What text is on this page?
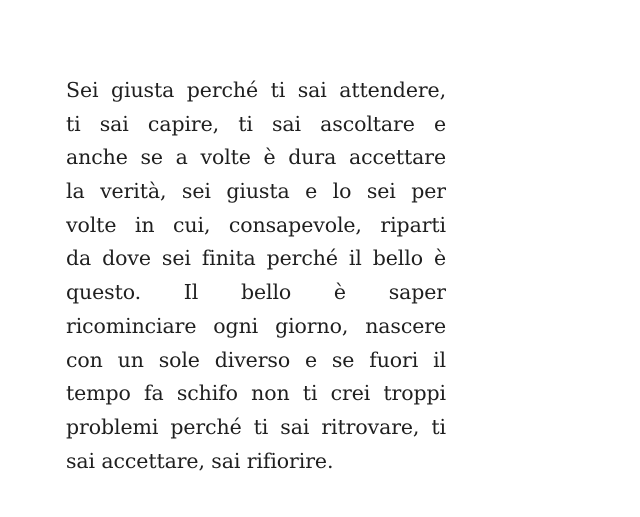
Sei giusta perché ti sai attendere,
ti sai capire, ti sai ascoltare e
anche se a volte è dura accettare
la verità, sei giusta e lo sei per
volte in cui, consapevole, riparti
da dove sei finita perché il bello è
questo. Il bello è saper
ricominciare ogni giorno, nascere
con un sole diverso e se fuori il
tempo fa schifo non ti crei troppi
problemi perché ti sai ritrovare, ti
sai accettare, sai rifiorire.
